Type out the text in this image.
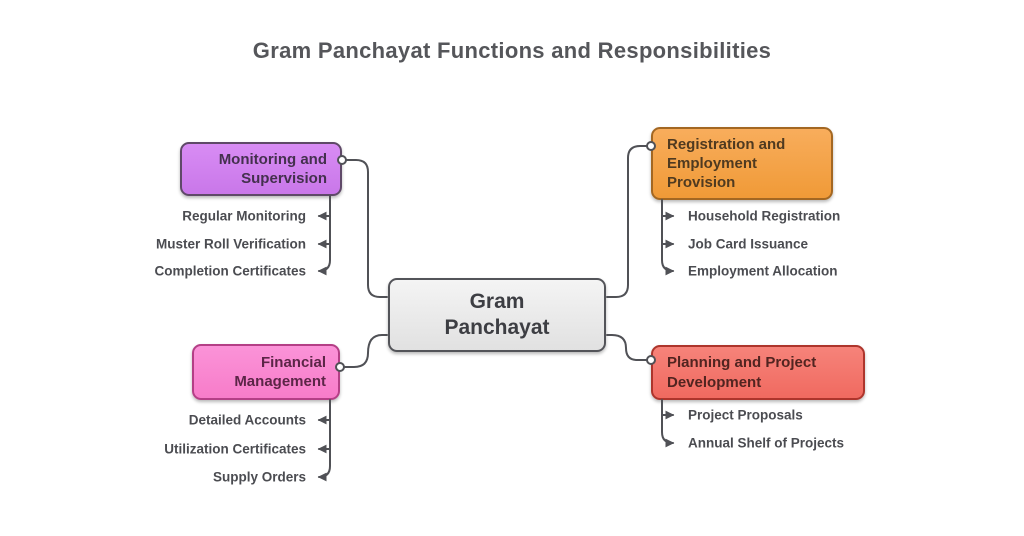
Gram Panchayat Functions and Responsibilities
Gram Panchayat
Monitoring and Supervision
Registration and Employment Provision
Financial Management
Planning and Project Development
Regular Monitoring
Muster Roll Verification
Completion Certificates
Detailed Accounts
Utilization Certificates
Supply Orders
Household Registration
Job Card Issuance
Employment Allocation
Project Proposals
Annual Shelf of Projects
